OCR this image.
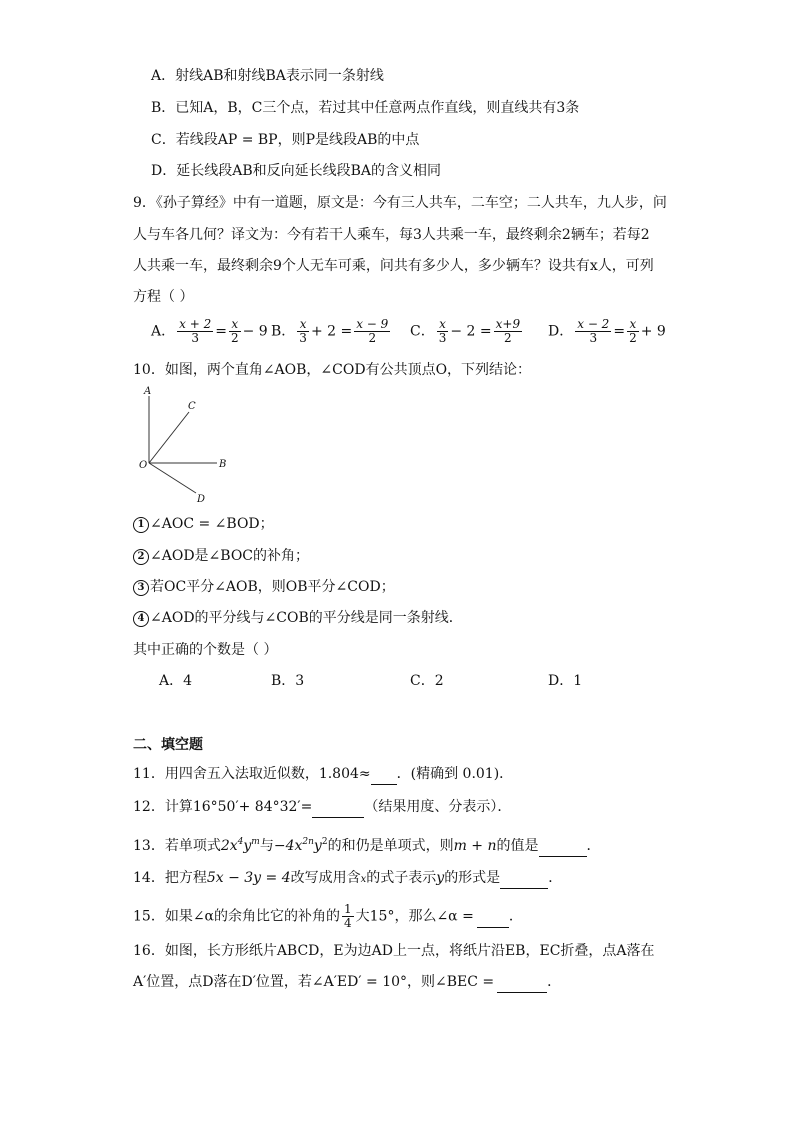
A．射线AB和射线BA表示同一条射线
B．已知A，B，C三个点，若过其中任意两点作直线，则直线共有3条
C．若线段AP = BP，则P是线段AB的中点
D．延长线段AB和反向延长线段BA的含义相同
9．《孙子算经》中有一道题，原文是：今有三人共车，二车空；二人共车，九人步，问
人与车各几何？译文为：今有若干人乘车，每3人共乘一车，最终剩余2辆车；若每2
人共乘一车，最终剩余9个人无车可乘，问共有多少人，多少辆车？设共有x人，可列
方程（ ）
A． $\frac{x + 2}{3} = \frac{x}{2} - 9$ B． $\frac{x}{3} + 2 = \frac{x - 9}{2}$ C． $\frac{x}{3} - 2 = \frac{x+9}{2}$ D． $\frac{x - 2}{3} = \frac{x}{2} + 9$
10．如图，两个直角∠AOB，∠COD有公共顶点O，下列结论：
A
C
O	B
D
1 ∠AOC = ∠BOD；
2 ∠AOD是∠BOC的补角；
3 若OC平分∠AOB，则OB平分∠COD；
4 ∠AOD的平分线与∠COB的平分线是同一条射线．
其中正确的个数是（ ）
A．4	B．3	C．2	D．1
二、填空题
11．用四舍五入法取近似数，1.804≈ ．(精确到 0.01)．
12．计算16°50′+ 84°32′=	（结果用度、分表示）．
13．若单项式$2x^4y^m$与$-4x^{2n}y^2$的和仍是单项式，则m + n的值是	．
14．把方程5x − 3y = 4改写成用含x的式子表示y的形式是	．
15．如果∠α的余角比它的补角的 $\frac{1}{4}$ 大15°，那么∠α =	．
16．如图，长方形纸片ABCD，E为边AD上一点，将纸片沿EB，EC折叠，点A落在
A′位置，点D落在D′位置，若∠A′ED′ = 10°，则∠BEC =	．
